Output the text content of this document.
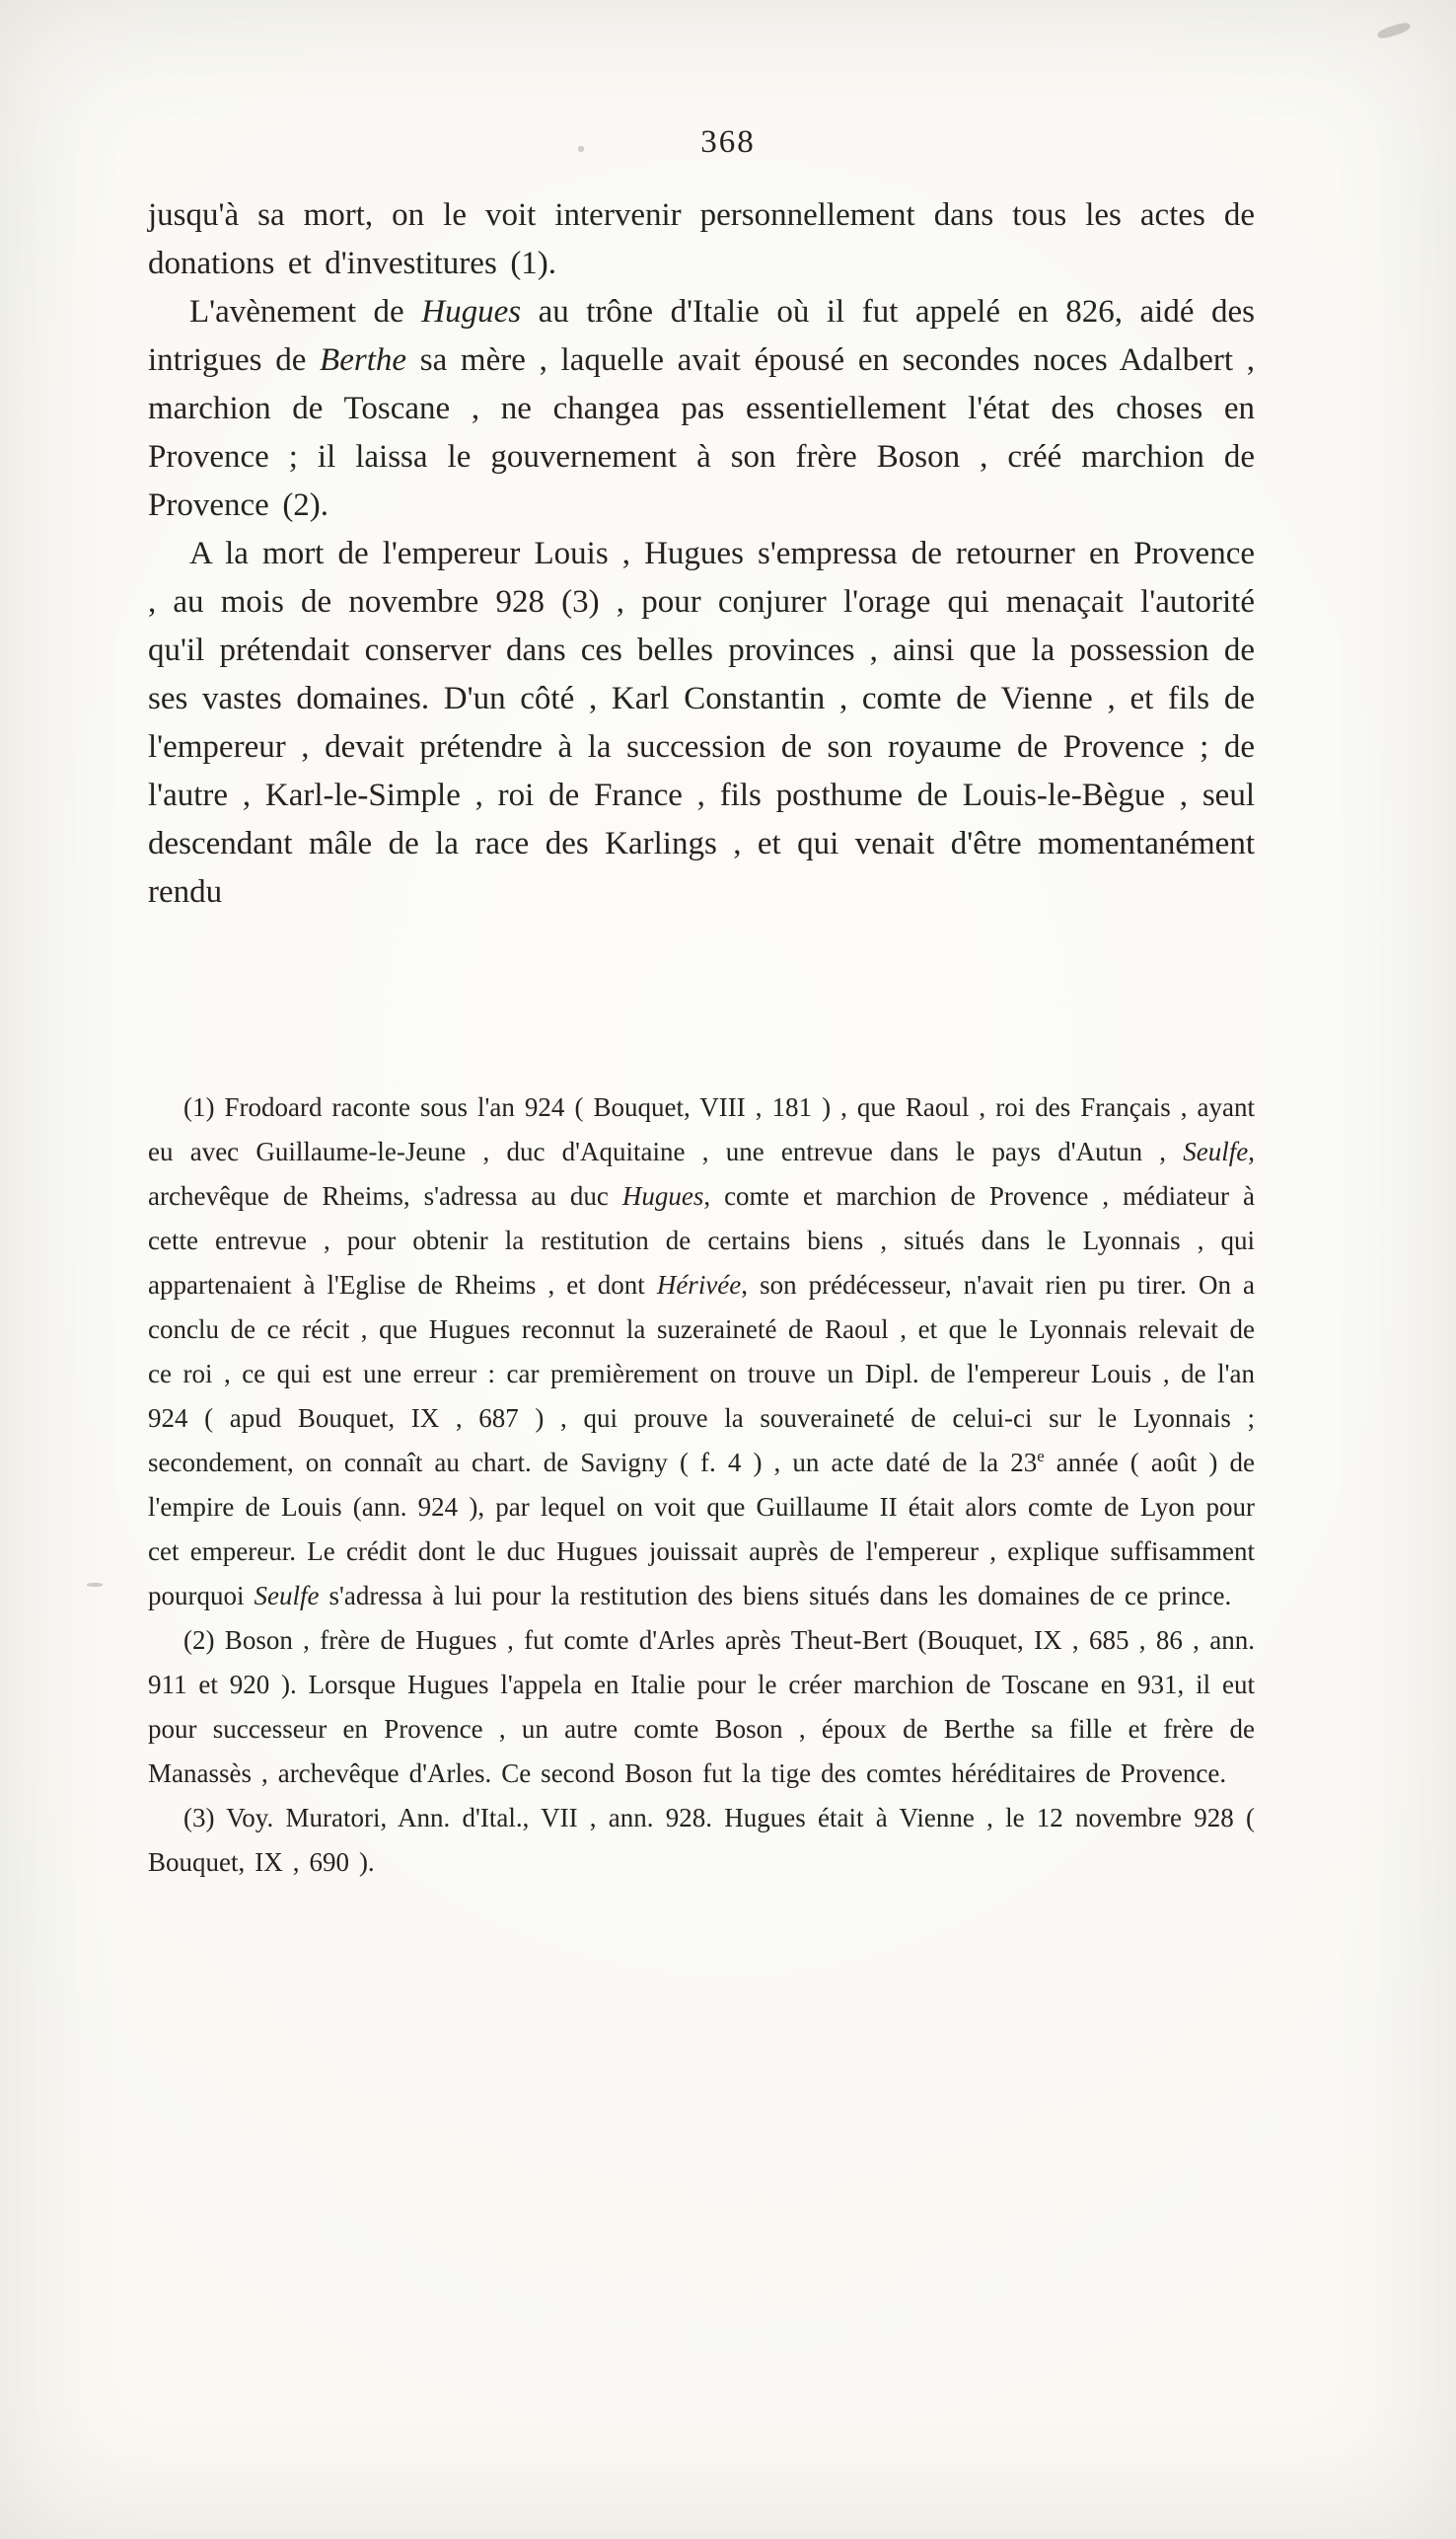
368

jusqu'à sa mort, on le voit intervenir personnellement dans tous les actes de donations et d'investitures (1).

L'avènement de Hugues au trône d'Italie où il fut appelé en 826, aidé des intrigues de Berthe sa mère , laquelle avait épousé en secondes noces Adalbert , marchion de Toscane , ne changea pas essentiellement l'état des choses en Provence ; il laissa le gouvernement à son frère Boson , créé marchion de Provence (2).

A la mort de l'empereur Louis , Hugues s'empressa de retourner en Provence , au mois de novembre 928 (3) , pour conjurer l'orage qui menaçait l'autorité qu'il prétendait conserver dans ces belles provinces , ainsi que la possession de ses vastes domaines. D'un côté , Karl Constantin , comte de Vienne , et fils de l'empereur , devait prétendre à la succession de son royaume de Provence ; de l'autre , Karl-le-Simple , roi de France , fils posthume de Louis-le-Bègue , seul descendant mâle de la race des Karlings , et qui venait d'être momentanément rendu

(1) Frodoard raconte sous l'an 924 ( Bouquet, VIII , 181 ) , que Raoul , roi des Français , ayant eu avec Guillaume-le-Jeune , duc d'Aquitaine , une entrevue dans le pays d'Autun , Seulfe, archevêque de Rheims, s'adressa au duc Hugues, comte et marchion de Provence , médiateur à cette entrevue , pour obtenir la restitution de certains biens , situés dans le Lyonnais , qui appartenaient à l'Eglise de Rheims , et dont Hérivée, son prédécesseur, n'avait rien pu tirer. On a conclu de ce récit , que Hugues reconnut la suzeraineté de Raoul , et que le Lyonnais relevait de ce roi , ce qui est une erreur : car premièrement on trouve un Dipl. de l'empereur Louis , de l'an 924 ( apud Bouquet, IX , 687 ) , qui prouve la souveraineté de celui-ci sur le Lyonnais ; secondement, on connaît au chart. de Savigny ( f. 4 ) , un acte daté de la 23e année ( août ) de l'empire de Louis (ann. 924 ), par lequel on voit que Guillaume II était alors comte de Lyon pour cet empereur. Le crédit dont le duc Hugues jouissait auprès de l'empereur , explique suffisamment pourquoi Seulfe s'adressa à lui pour la restitution des biens situés dans les domaines de ce prince.

(2) Boson , frère de Hugues , fut comte d'Arles après Theut-Bert (Bouquet, IX , 685 , 86 , ann. 911 et 920 ). Lorsque Hugues l'appela en Italie pour le créer marchion de Toscane en 931, il eut pour successeur en Provence , un autre comte Boson , époux de Berthe sa fille et frère de Manassès , archevêque d'Arles. Ce second Boson fut la tige des comtes héréditaires de Provence.

(3) Voy. Muratori, Ann. d'Ital., VII , ann. 928. Hugues était à Vienne , le 12 novembre 928 ( Bouquet, IX , 690 ).
